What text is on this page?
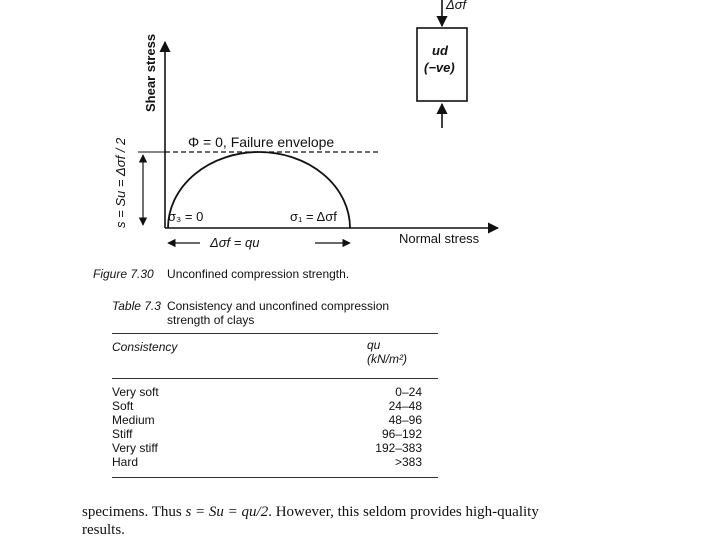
Shear stress
Normal stress
Φ = 0, Failure envelope
σ₃ = 0	σ₁ = Δσf
Δσf = qu
s = Su = Δσf / 2
Δσf
ud
(−ve)
Figure 7.30 Unconfined compression strength.
Table 7.3 Consistency and unconfined compression
strength of clays
Consistency	qu
(kN/m²)
Very soft	0–24
Soft	24–48
Medium	48–96
Stiff	96–192
Very stiff	192–383
Hard	>383
specimens. Thus s = Su = qu/2. However, this seldom provides high-quality
results.
